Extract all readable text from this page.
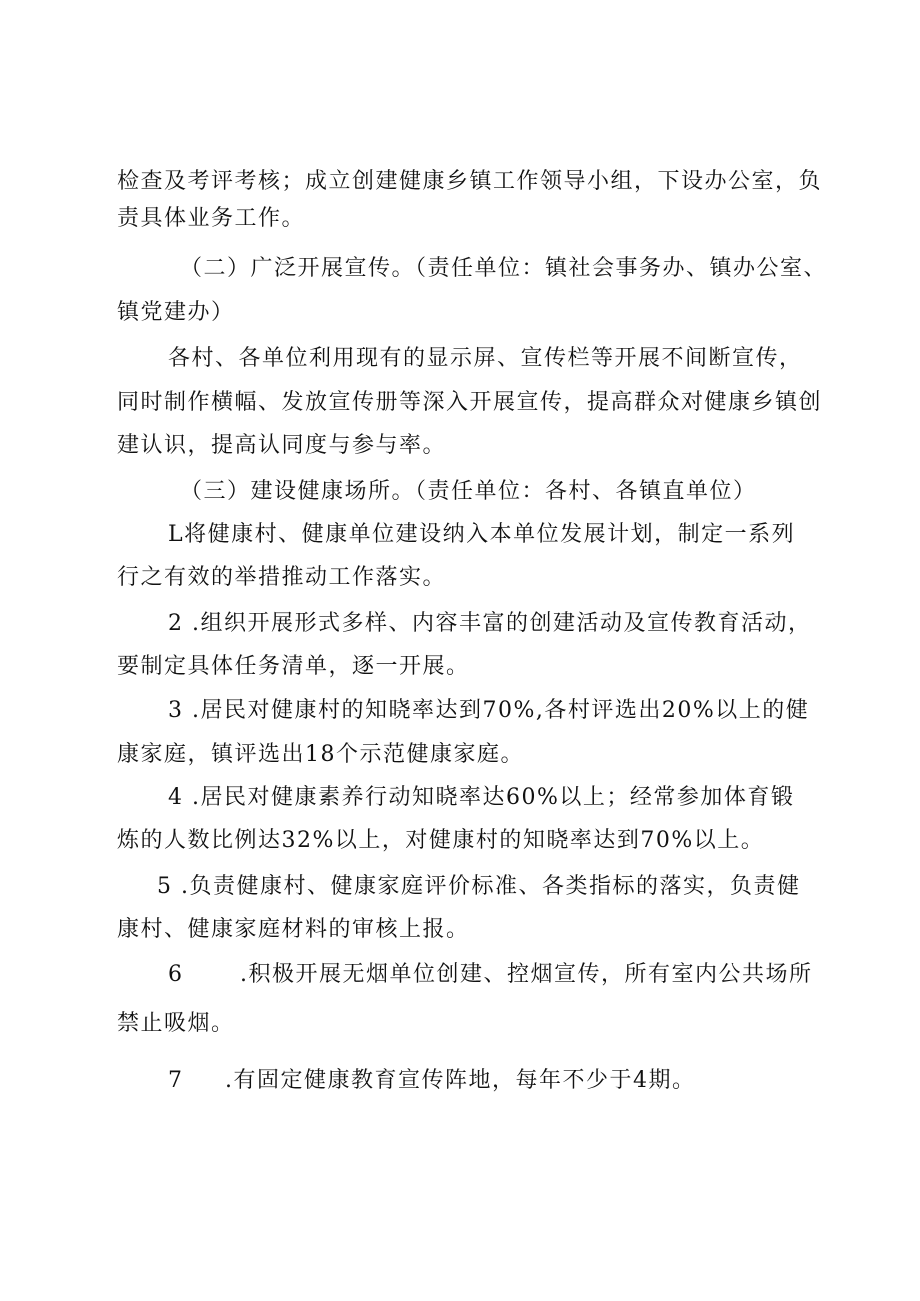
检查及考评考核；成立创建健康乡镇工作领导小组，下设办公室，负
责具体业务工作。
（二）广泛开展宣传。（责任单位：镇社会事务办、镇办公室、
镇党建办）
各村、各单位利用现有的显示屏、宣传栏等开展不间断宣传，
同时制作横幅、发放宣传册等深入开展宣传，提高群众对健康乡镇创
建认识，提高认同度与参与率。
（三）建设健康场所。（责任单位：各村、各镇直单位）
L将健康村、健康单位建设纳入本单位发展计划，制定一系列
行之有效的举措推动工作落实。
2 .组织开展形式多样、内容丰富的创建活动及宣传教育活动，
要制定具体任务清单，逐一开展。
3 .居民对健康村的知晓率达到70%,各村评选出20%以上的健
康家庭，镇评选出18个示范健康家庭。
4 .居民对健康素养行动知晓率达60%以上；经常参加体育锻
炼的人数比例达32%以上，对健康村的知晓率达到70%以上。
5 .负责健康村、健康家庭评价标准、各类指标的落实，负责健
康村、健康家庭材料的审核上报。
6	.积极开展无烟单位创建、控烟宣传，所有室内公共场所
禁止吸烟。
7 .有固定健康教育宣传阵地，每年不少于4期。
